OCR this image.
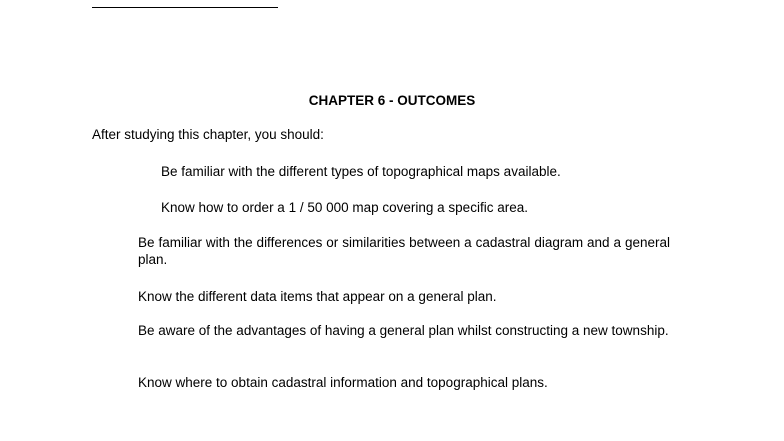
CHAPTER 6 - OUTCOMES
After studying this chapter, you should:

Be familiar with the different types of topographical maps available.

Know how to order a 1 / 50 000 map covering a specific area.

Be familiar with the differences or similarities between a cadastral diagram and a general plan.

Know the different data items that appear on a general plan.

Be aware of the advantages of having a general plan whilst constructing a new township.

Know where to obtain cadastral information and topographical plans.
